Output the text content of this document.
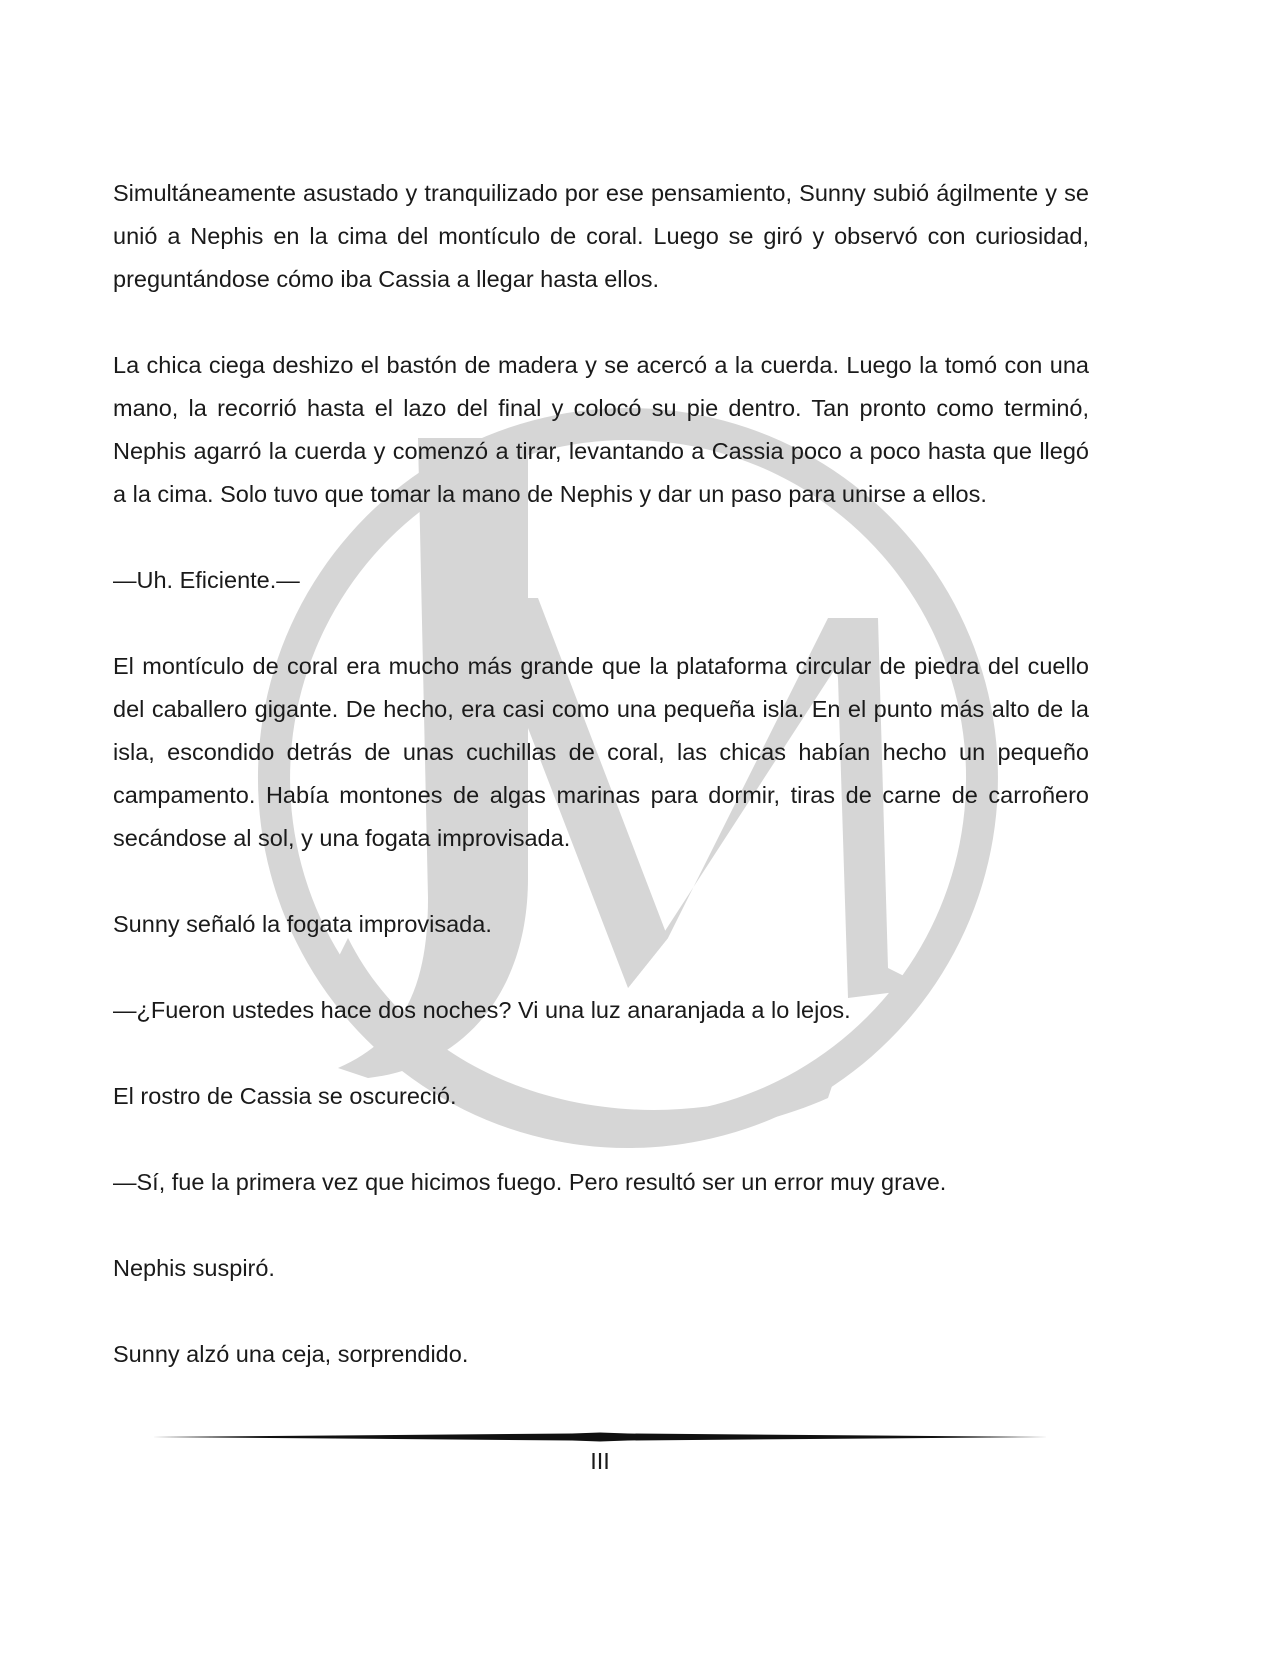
Simultáneamente asustado y tranquilizado por ese pensamiento, Sunny subió ágilmente y se unió a Nephis en la cima del montículo de coral. Luego se giró y observó con curiosidad, preguntándose cómo iba Cassia a llegar hasta ellos.

La chica ciega deshizo el bastón de madera y se acercó a la cuerda. Luego la tomó con una mano, la recorrió hasta el lazo del final y colocó su pie dentro. Tan pronto como terminó, Nephis agarró la cuerda y comenzó a tirar, levantando a Cassia poco a poco hasta que llegó a la cima. Solo tuvo que tomar la mano de Nephis y dar un paso para unirse a ellos.

—Uh. Eficiente.—

El montículo de coral era mucho más grande que la plataforma circular de piedra del cuello del caballero gigante. De hecho, era casi como una pequeña isla. En el punto más alto de la isla, escondido detrás de unas cuchillas de coral, las chicas habían hecho un pequeño campamento. Había montones de algas marinas para dormir, tiras de carne de carroñero secándose al sol, y una fogata improvisada.

Sunny señaló la fogata improvisada.

—¿Fueron ustedes hace dos noches? Vi una luz anaranjada a lo lejos.

El rostro de Cassia se oscureció.

—Sí, fue la primera vez que hicimos fuego. Pero resultó ser un error muy grave.

Nephis suspiró.

Sunny alzó una ceja, sorprendido.

III
